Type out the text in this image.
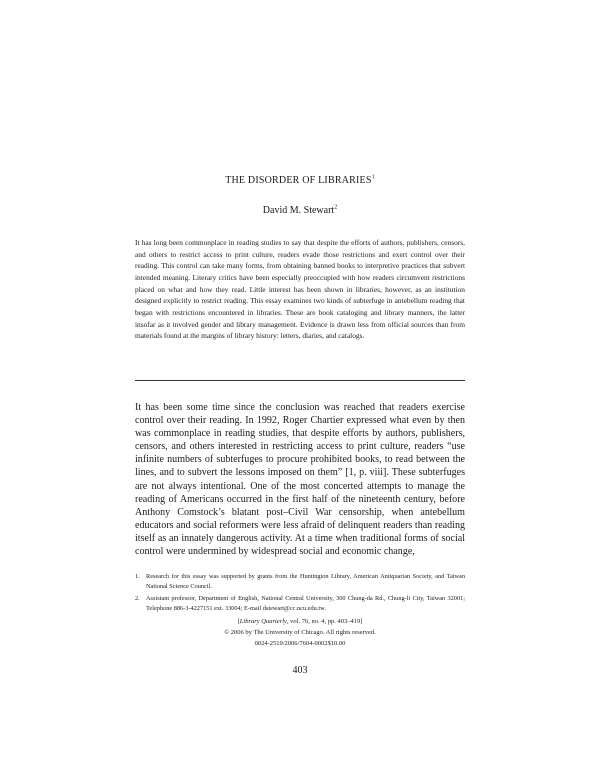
THE DISORDER OF LIBRARIES$^1$
David M. Stewart$^2$

It has long been commonplace in reading studies to say that despite the efforts of authors, publishers, censors, and others to restrict access to print culture, readers evade those restrictions and exert control over their reading. This control can take many forms, from obtaining banned books to interpretive practices that subvert intended meaning. Literary critics have been especially preoccupied with how readers circumvent restrictions placed on what and how they read. Little interest has been shown in libraries, however, as an institution designed explicitly to restrict reading. This essay examines two kinds of subterfuge in antebellum reading that began with restrictions encountered in libraries. These are book cataloging and library manners, the latter insofar as it involved gender and library management. Evidence is drawn less from official sources than from materials found at the margins of library history: letters, diaries, and catalogs.

It has been some time since the conclusion was reached that readers exercise control over their reading. In 1992, Roger Chartier expressed what even by then was commonplace in reading studies, that despite efforts by authors, publishers, censors, and others interested in restricting access to print culture, readers “use infinite numbers of subterfuges to procure prohibited books, to read between the lines, and to subvert the lessons imposed on them” [1, p. viii]. These subterfuges are not always intentional. One of the most concerted attempts to manage the reading of Americans occurred in the first half of the nineteenth century, before Anthony Comstock’s blatant post–Civil War censorship, when antebellum educators and social reformers were less afraid of delinquent readers than reading itself as an innately dangerous activity. At a time when traditional forms of social control were undermined by widespread social and economic change,

1. Research for this essay was supported by grants from the Huntington Library, American Antiquarian Society, and Taiwan National Science Council.
2. Assistant professor, Department of English, National Central University, 300 Chung-da Rd., Chung-li City, Taiwan 32001; Telephone 886-3-4227151 ext. 33004; E-mail dstewart@cc.ncu.edu.tw.
[Library Quarterly, vol. 76, no. 4, pp. 403–419]
© 2006 by The University of Chicago. All rights reserved.
0024-2519/2006/7604-0002$10.00
403
